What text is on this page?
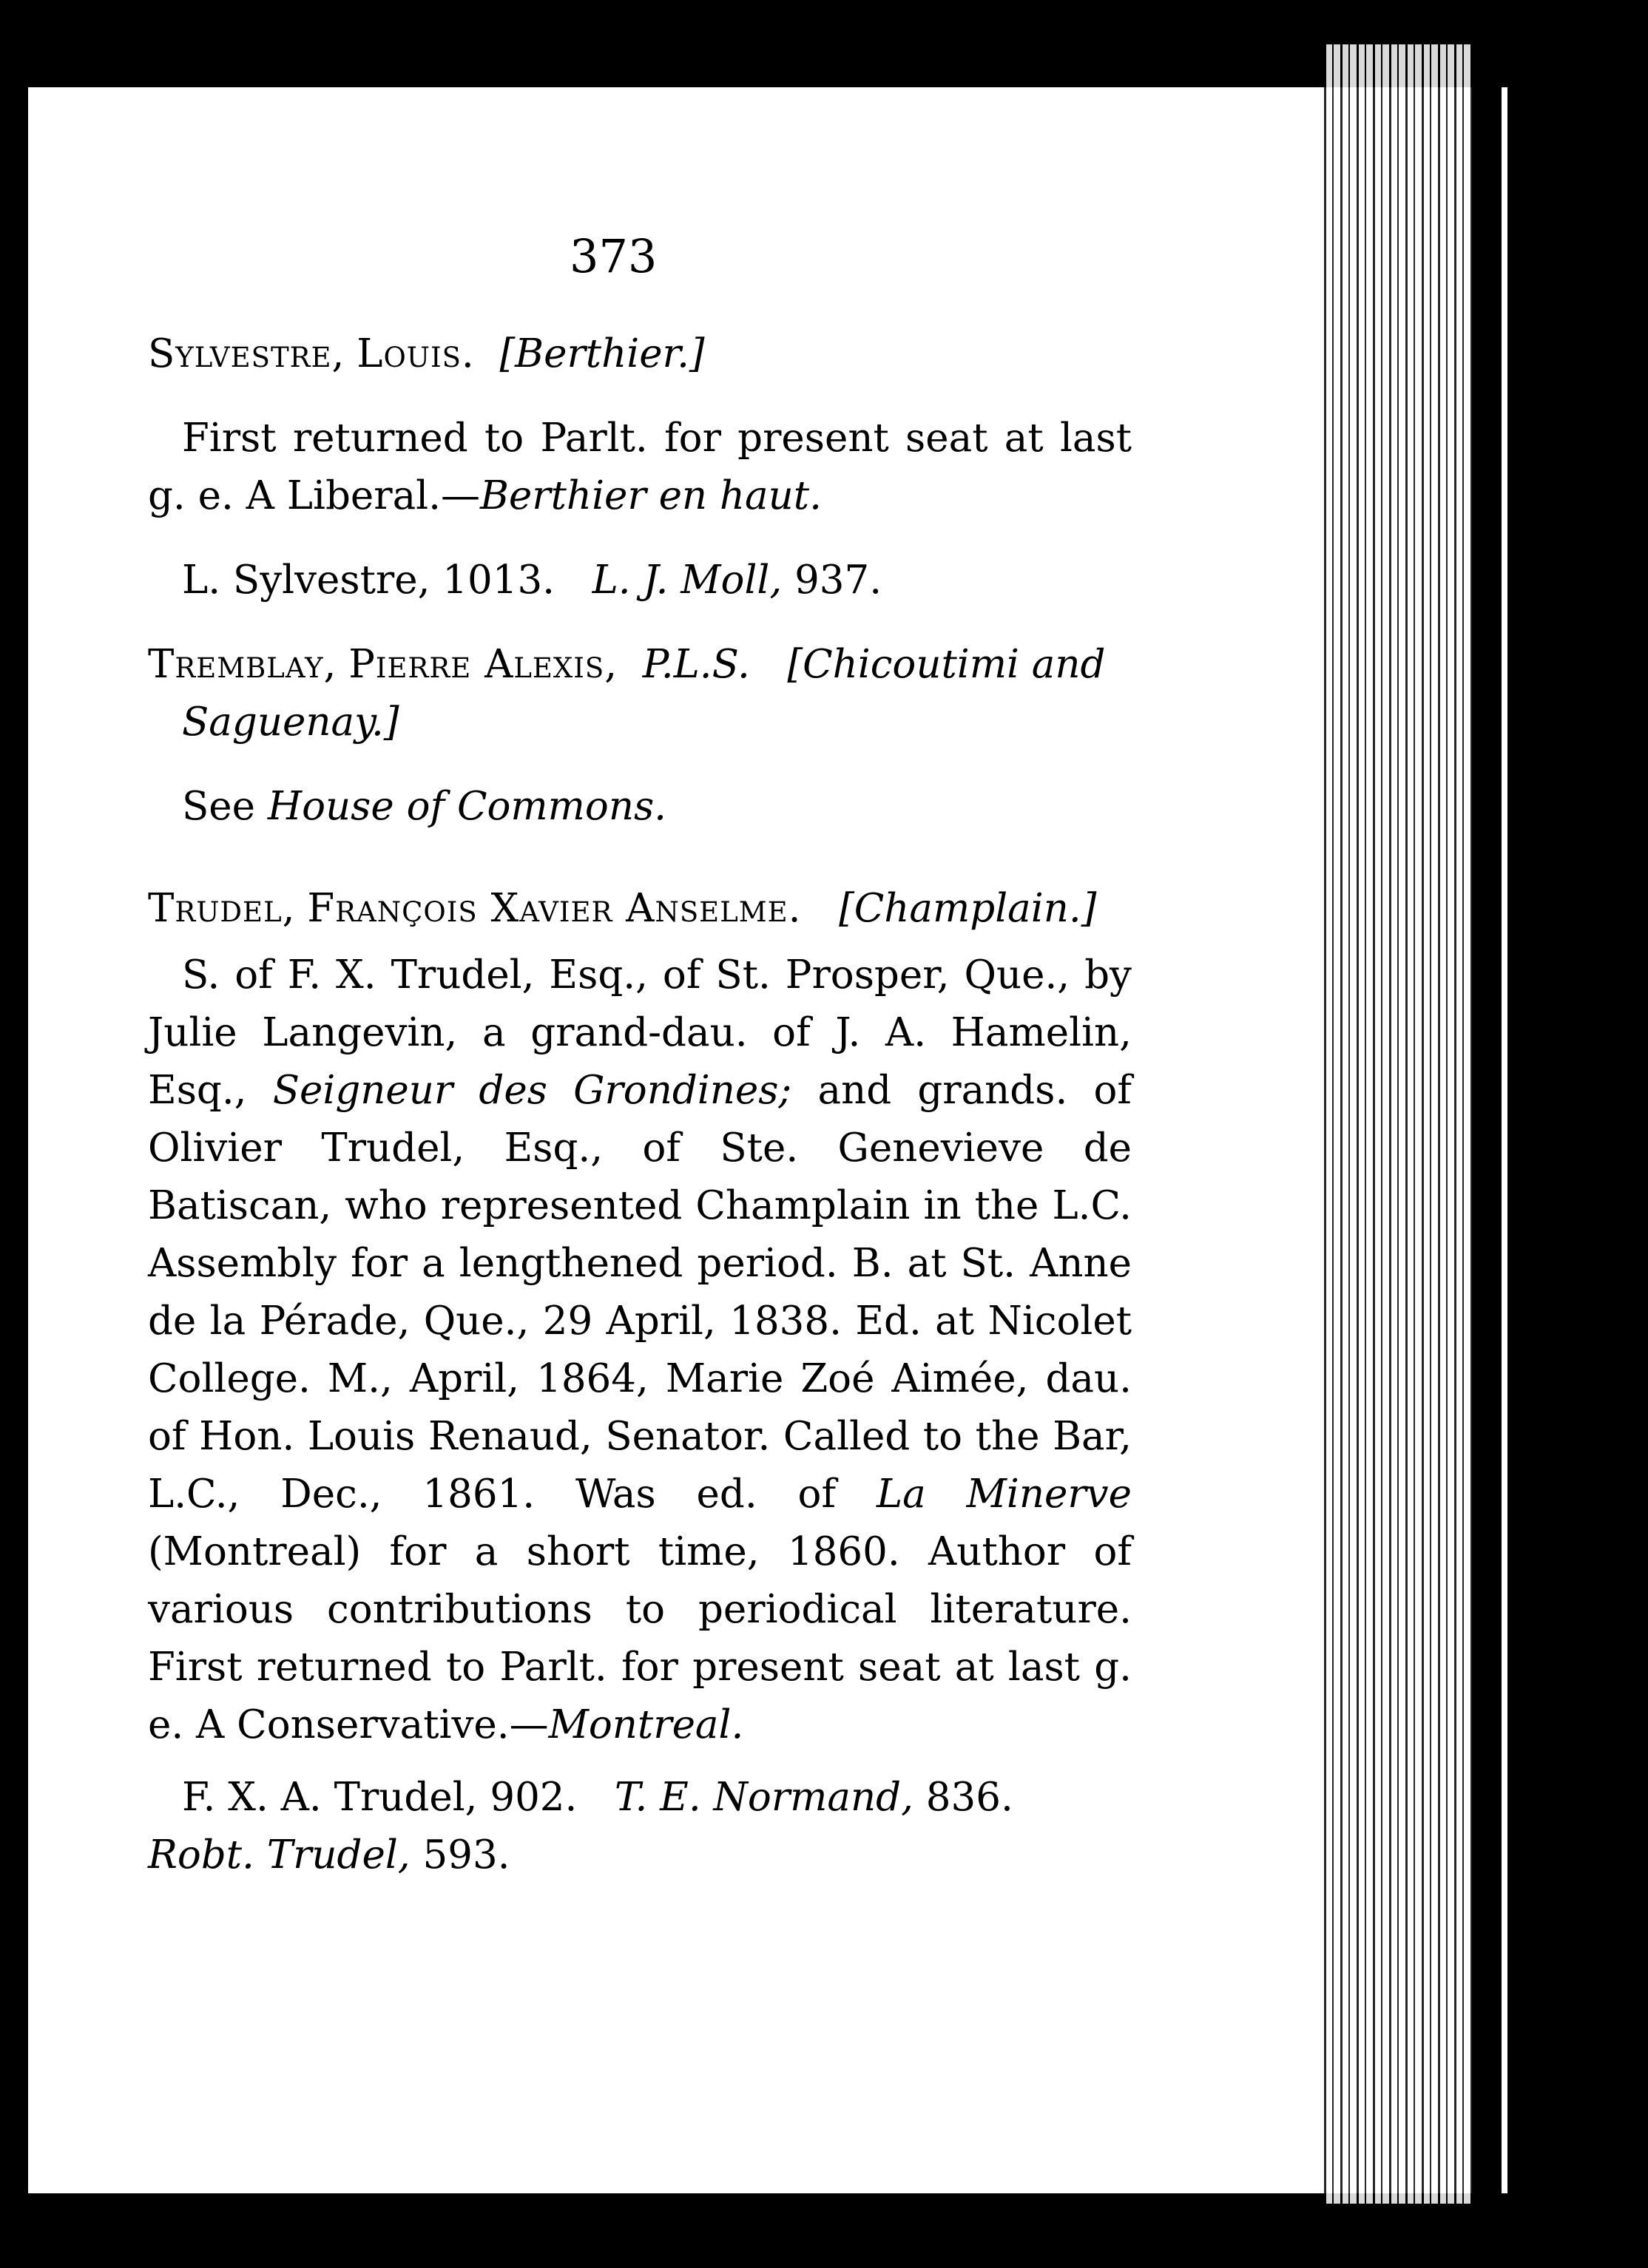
373

Sylvestre, Louis. [Berthier.]

First returned to Parlt. for present seat at last g. e. A Liberal.—Berthier en haut.

L. Sylvestre, 1013. L. J. Moll, 937.

Tremblay, Pierre Alexis, P.L.S. [Chicoutimi and Saguenay.]

See House of Commons.

Trudel, François Xavier Anselme. [Champlain.]

S. of F. X. Trudel, Esq., of St. Prosper, Que., by Julie Langevin, a grand-dau. of J. A. Hamelin, Esq., Seigneur des Grondines; and grands. of Olivier Trudel, Esq., of Ste. Genevieve de Batiscan, who represented Champlain in the L.C. Assembly for a lengthened period. B. at St. Anne de la Pérade, Que., 29 April, 1838. Ed. at Nicolet College. M., April, 1864, Marie Zoé Aimée, dau. of Hon. Louis Renaud, Senator. Called to the Bar, L.C., Dec., 1861. Was ed. of La Minerve (Montreal) for a short time, 1860. Author of various contributions to periodical literature. First returned to Parlt. for present seat at last g. e. A Conservative.—Montreal.

F. X. A. Trudel, 902. T. E. Normand, 836.

Robt. Trudel, 593.
